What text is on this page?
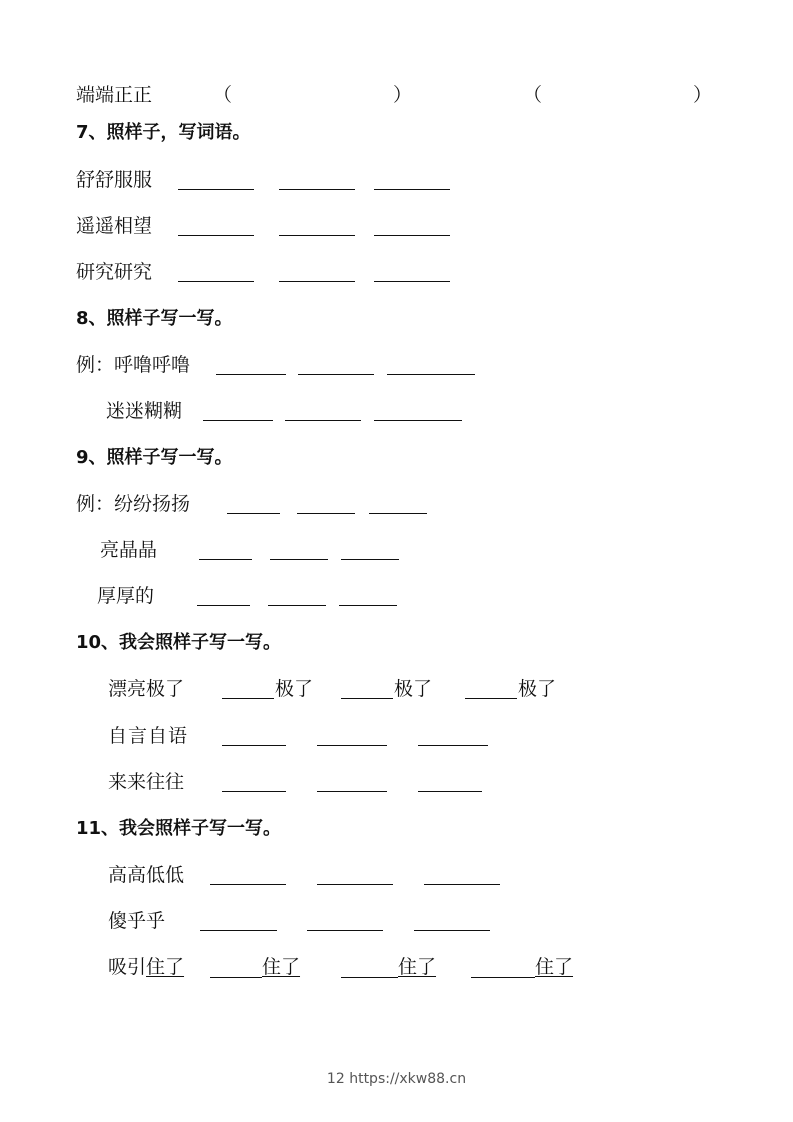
端端正正	（	）	（	）
7、照样子，写词语。
舒舒服服
遥遥相望
研究研究
8、照样子写一写。
例：呼噜呼噜
迷迷糊糊
9、照样子写一写。
例：纷纷扬扬
亮晶晶
厚厚的
10、我会照样子写一写。
漂亮极了	极了	极了	极了
自言自语
来来往往
11、我会照样子写一写。
高高低低
傻乎乎
吸引住了	住了	住了	住了
12 https://xkw88.cn
